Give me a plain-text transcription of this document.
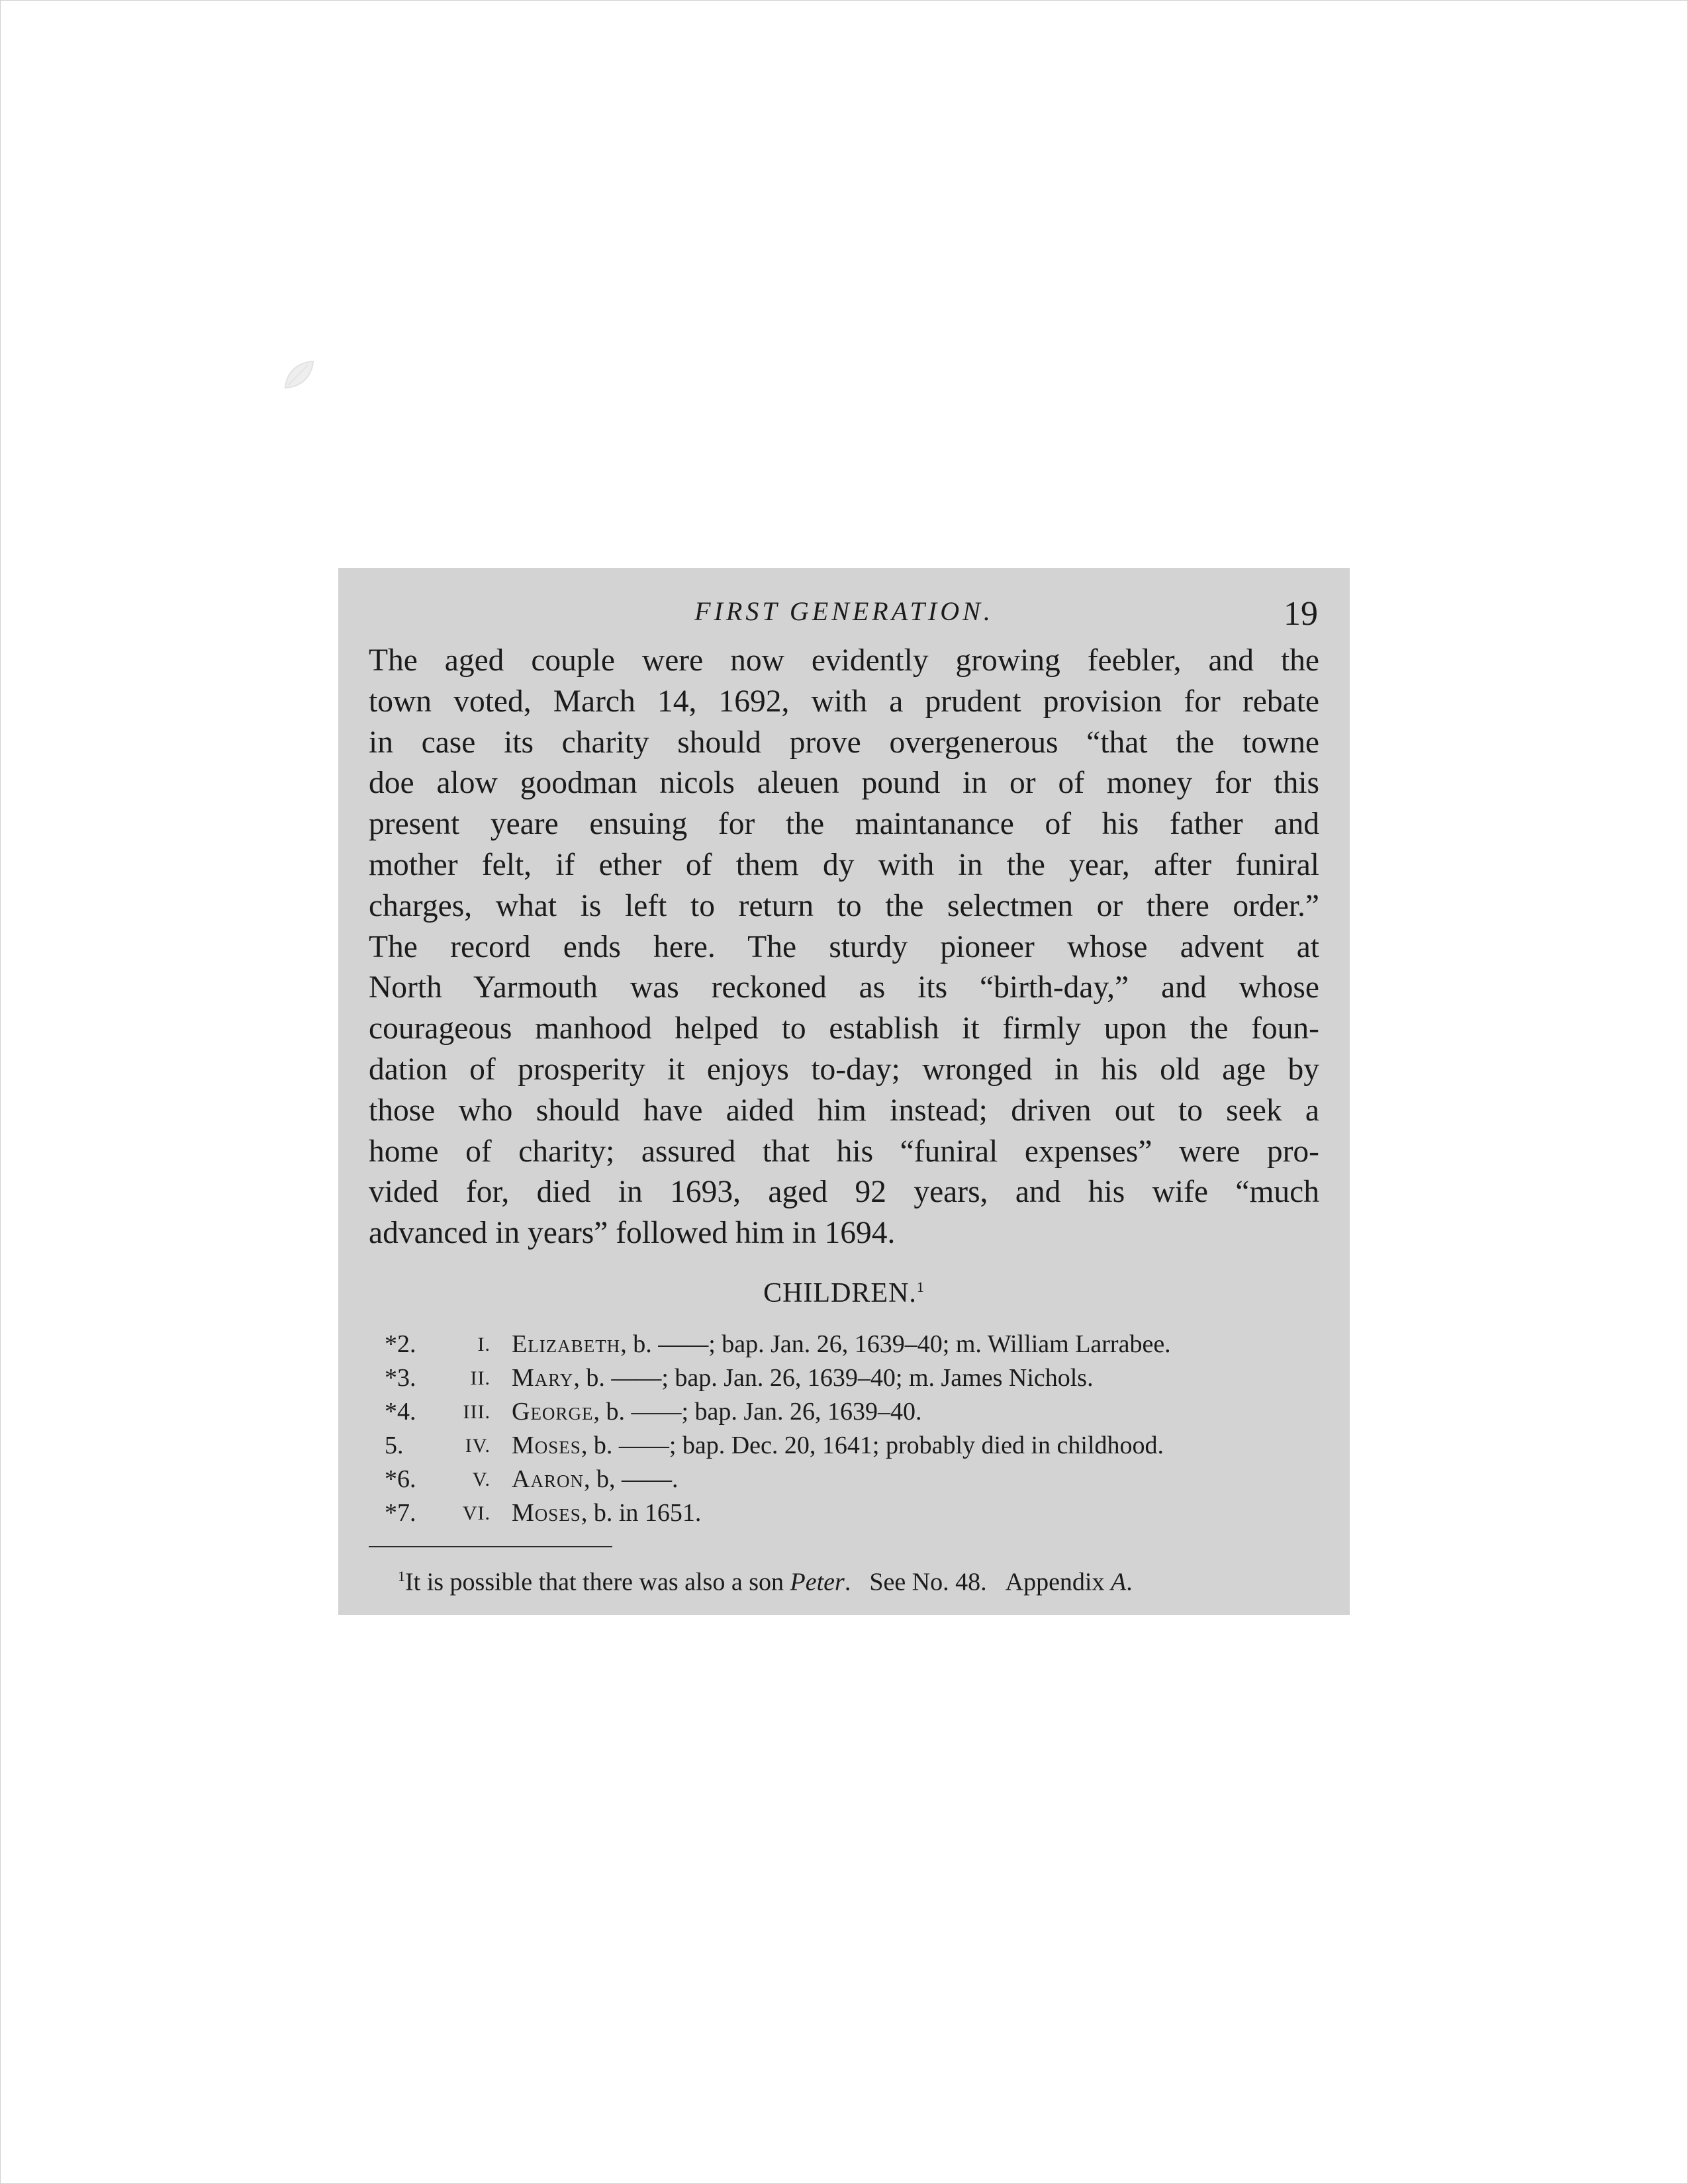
FIRST GENERATION.	19
The aged couple were now evidently growing feebler, and the
town voted, March 14, 1692, with a prudent provision for rebate
in case its charity should prove overgenerous “that the towne
doe alow goodman nicols aleuen pound in or of money for this
present yeare ensuing for the maintanance of his father and
mother felt, if ether of them dy with in the year, after funiral
charges, what is left to return to the selectmen or there order.”
The record ends here. The sturdy pioneer whose advent at
North Yarmouth was reckoned as its “birth-day,” and whose
courageous manhood helped to establish it firmly upon the foun-
dation of prosperity it enjoys to-day; wronged in his old age by
those who should have aided him instead; driven out to seek a
home of charity; assured that his “funiral expenses” were pro-
vided for, died in 1693, aged 92 years, and his wife “much
advanced in years” followed him in 1694.
CHILDREN.$^1$
*2.	I. Elizabeth, b. ——; bap. Jan. 26, 1639–40; m. William Larrabee.
*3.	II. Mary, b. ——; bap. Jan. 26, 1639–40; m. James Nichols.
*4.	III. George, b. ——; bap. Jan. 26, 1639–40.
5.	IV. Moses, b. ——; bap. Dec. 20, 1641; probably died in childhood.
*6.	V. Aaron, b, ——.
*7.	VI. Moses, b. in 1651.
$^1$It is possible that there was also a son Peter. See No. 48. Appendix A.
